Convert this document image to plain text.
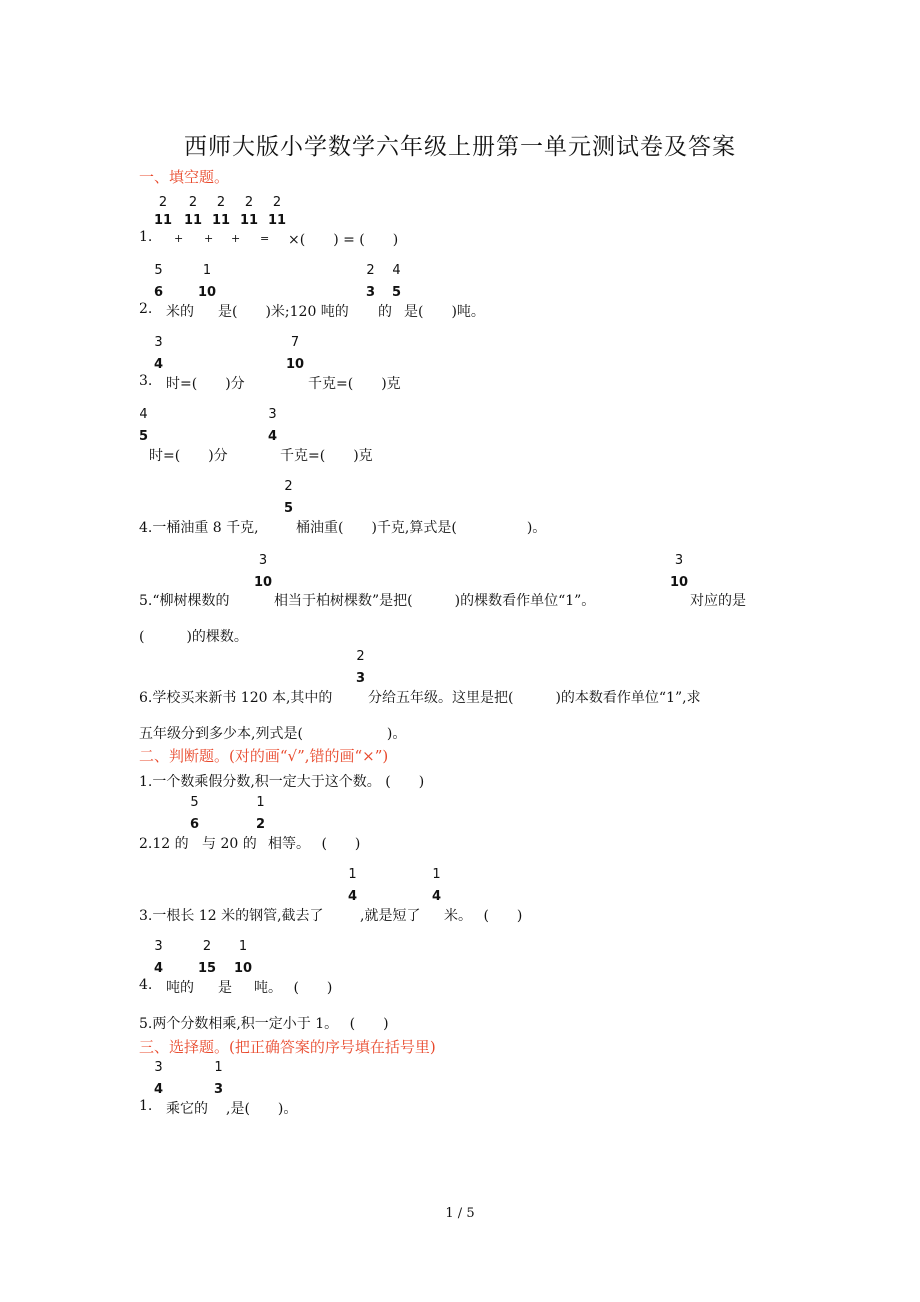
西师大版小学数学六年级上册第一单元测试卷及答案
一、填空题。
1.
2
11
+
2
11
+
2
11
+
2
11
=
2
11
×(　　) = (　　)
2.
5
6
米的
1
10
是(　　)米;120 吨的
2
3
的
4
5
是(　　)吨。
3.
3
4
时=(　　)分
7
10
千克=(　　)克
4
5
时=(　　)分
3
4
千克=(　　)克
4.一桶油重 8 千克,
2
5
桶油重(　　)千克,算式是(　　　　　)。
5.“柳树棵数的
3
10
相当于柏树棵数”是把(　　　)的棵数看作单位“1”。
3
10
对应的是
(　　　)的棵数。
6.学校买来新书 120 本,其中的
2
3
分给五年级。这里是把(　　　)的本数看作单位“1”,求
五年级分到多少本,列式是(　　　　　　)。
二、判断题。(对的画“√”,错的画“×”)
1.一个数乘假分数,积一定大于这个数。 (　　)
2.12 的
5
6
与 20 的
1
2
相等。　 (　　)
3.一根长 12 米的钢管,截去了
1
4
,就是短了
1
4
米。　 (　　)
4.
3
4
吨的
2
15
是
1
10
吨。　 (　　)
5.两个分数相乘,积一定小于 1。　 (　　)
三、选择题。(把正确答案的序号填在括号里)
1.
3
4
乘它的
1
3
,是(　　)。
1 / 5
